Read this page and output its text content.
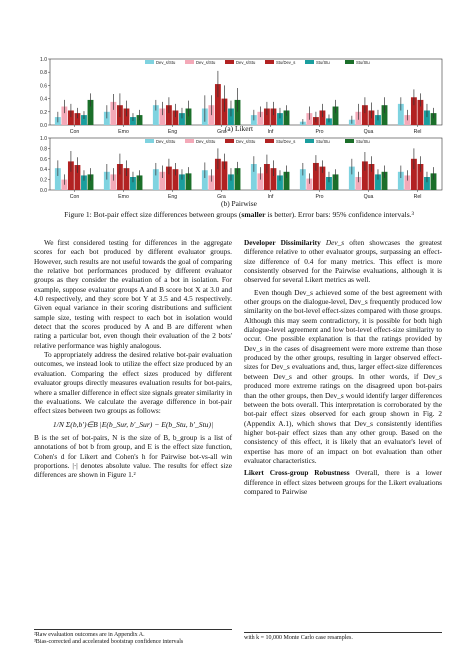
0.0
0.2
0.4
0.6
0.8
1.0
Con	Emo	Eng	Gra	Inf	Pro	Qua	Rel
Dev_s/Stu	Dev_s/Stu	Dev_s/Stu	Stu/Dev_s	Stu/Stu	Stu/Stu
(a) Likert
0.0
0.2
0.4
0.6
0.8
1.0
Con	Emo	Eng	Gra	Inf	Pro	Qua	Rel
Dev_s/Stu	Dev_s/Stu	Dev_s/Stu	Stu/Dev_s	Stu/Stu	Stu/Stu
(b) Pairwise
Figure 1: Bot-pair effect size differences between groups (smaller is better). Error bars: 95% confidence intervals.³

We first considered testing for differences in the aggregate scores for each bot produced by different evaluator groups. However, such results are not useful towards the goal of comparing the relative bot performances produced by different evaluator groups as they consider the evaluation of a bot in isolation. For example, suppose evaluator groups A and B score bot X at 3.0 and 4.0 respectively, and they score bot Y at 3.5 and 4.5 respectively. Given equal variance in their scoring distributions and sufficient sample size, testing with respect to each bot in isolation would detect that the scores produced by A and B are different when rating a particular bot, even though their evaluation of the 2 bots' relative performance was highly analogous.

To appropriately address the desired relative bot-pair evaluation outcomes, we instead look to utilize the effect size produced by an evaluation. Comparing the effect sizes produced by different evaluator groups directly measures evaluation results for bot-pairs, where a smaller difference in effect size signals greater similarity in the evaluations. We calculate the average difference in bot-pair effect sizes between two groups as follows:

1/N Σ(b,b′)∈B |E(b_Sur, b′_Sur) − E(b_Stu, b′_Stu)|

B is the set of bot-pairs, N is the size of B, b_group is a list of annotations of bot b from group, and E is the effect size function, Cohen's d for Likert and Cohen's h for Pairwise bot-vs-all win proportions. |·| denotes absolute value. The results for effect size differences are shown in Figure 1.²

²Raw evaluation outcomes are in Appendix A.
³Bias-corrected and accelerated bootstrap confidence intervals

Developer Dissimilarity Dev_s often showcases the greatest difference relative to other evaluator groups, surpassing an effect-size difference of 0.4 for many metrics. This effect is more consistently observed for the Pairwise evaluations, although it is observed for several Likert metrics as well.

Even though Dev_s achieved some of the best agreement with other groups on the dialogue-level, Dev_s frequently produced low similarity on the bot-level effect-sizes compared with those groups. Although this may seem contradictory, it is possible for both high dialogue-level agreement and low bot-level effect-size similarity to occur. One possible explanation is that the ratings provided by Dev_s in the cases of disagreement were more extreme than those produced by the other groups, resulting in larger observed effect-sizes for Dev_s evaluations and, thus, larger effect-size differences between Dev_s and other groups. In other words, if Dev_s produced more extreme ratings on the disagreed upon bot-pairs than the other groups, then Dev_s would identify larger differences between the bots overall. This interpretation is corroborated by the bot-pair effect sizes observed for each group shown in Fig. 2 (Appendix A.1), which shows that Dev_s consistently identifies higher bot-pair effect sizes than any other group. Based on the consistency of this effect, it is likely that an evaluator's level of expertise has more of an impact on bot evaluation than other evaluator characteristics.

Likert Cross-group Robustness Overall, there is a lower difference in effect sizes between groups for the Likert evaluations compared to Pairwise

with k = 10,000 Monte Carlo case resamples.
